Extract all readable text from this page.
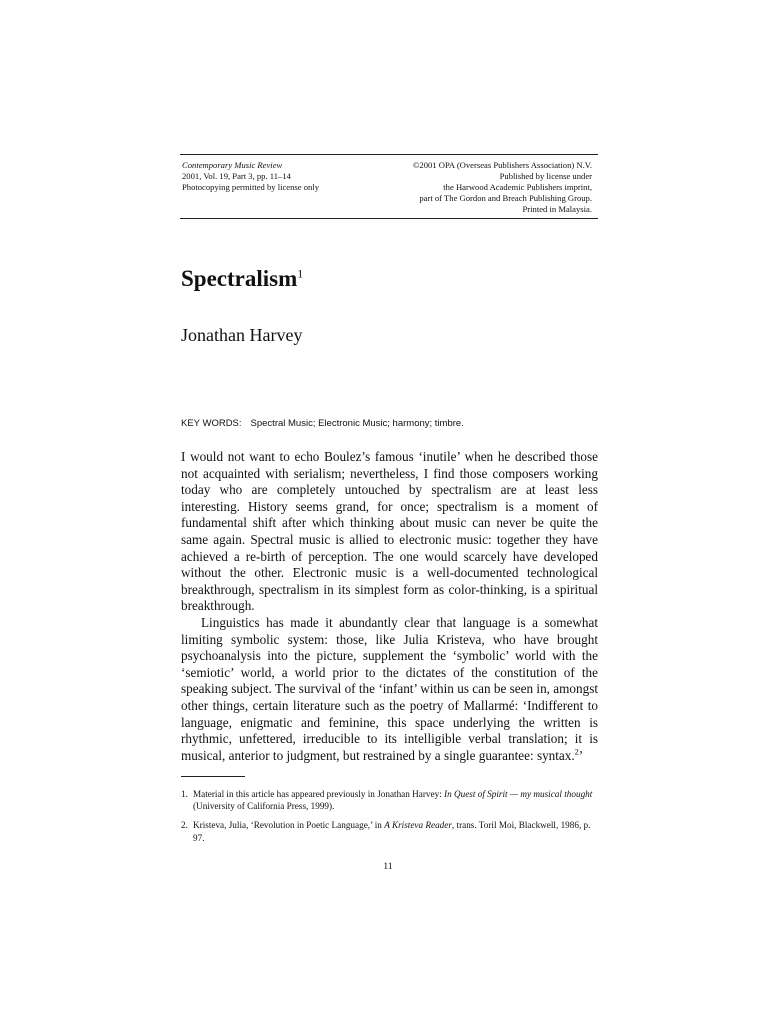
Contemporary Music Review
2001, Vol. 19, Part 3, pp. 11–14
Photocopying permitted by license only
©2001 OPA (Overseas Publishers Association) N.V.
Published by license under
the Harwood Academic Publishers imprint,
part of The Gordon and Breach Publishing Group.
Printed in Malaysia.
Spectralism$^1$
Jonathan Harvey
KEY WORDS: Spectral Music; Electronic Music; harmony; timbre.

I would not want to echo Boulez’s famous ‘inutile’ when he described those not acquainted with serialism; nevertheless, I find those composers working today who are completely untouched by spectralism are at least less interesting. History seems grand, for once; spectralism is a moment of fundamental shift after which thinking about music can never be quite the same again. Spectral music is allied to electronic music: together they have achieved a re-birth of perception. The one would scarcely have developed without the other. Electronic music is a well-documented technological breakthrough, spectralism in its simplest form as color-thinking, is a spiritual breakthrough.

Linguistics has made it abundantly clear that language is a somewhat limiting symbolic system: those, like Julia Kristeva, who have brought psychoanalysis into the picture, supplement the ‘symbolic’ world with the ‘semiotic’ world, a world prior to the dictates of the constitution of the speaking subject. The survival of the ‘infant’ within us can be seen in, amongst other things, certain literature such as the poetry of Mallarmé: ‘Indifferent to language, enigmatic and feminine, this space underlying the written is rhythmic, unfettered, irreducible to its intelligible verbal translation; it is musical, anterior to judgment, but restrained by a single guarantee: syntax.$^2$’

1. Material in this article has appeared previously in Jonathan Harvey: In Quest of Spirit — my musical thought (University of California Press, 1999).

2. Kristeva, Julia, ‘Revolution in Poetic Language,’ in A Kristeva Reader, trans. Toril Moi, Blackwell, 1986, p. 97.

11
